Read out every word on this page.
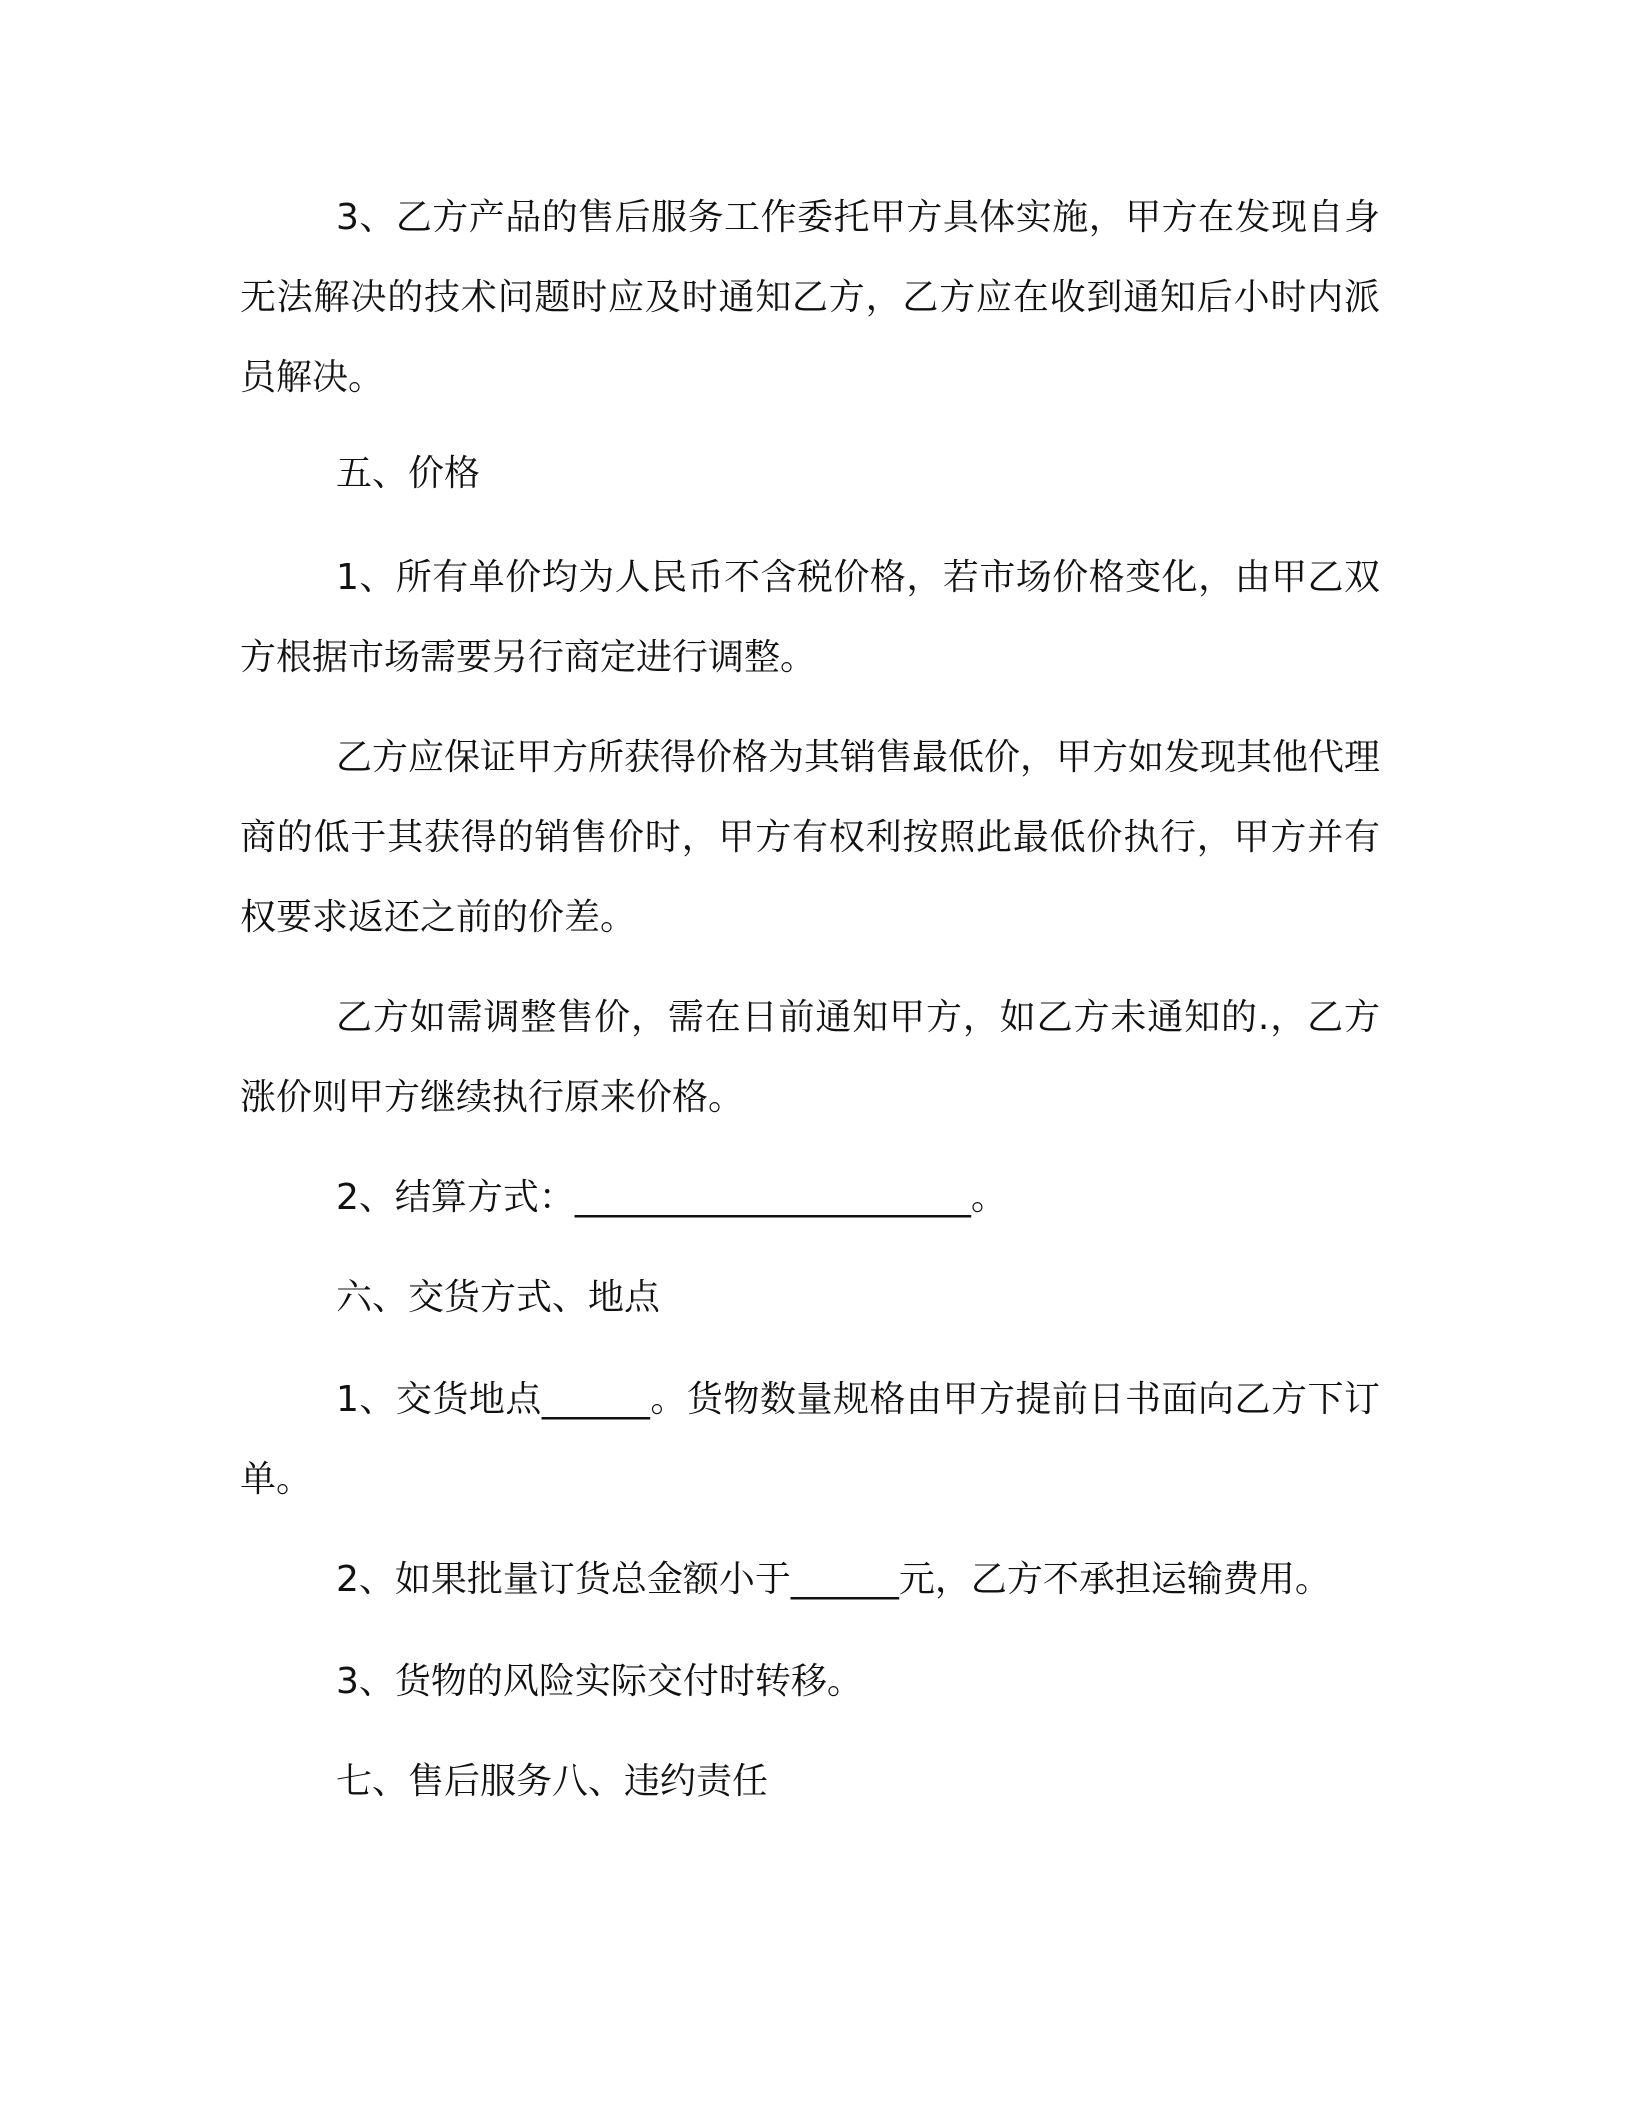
3、乙方产品的售后服务工作委托甲方具体实施，甲方在发现自身无法解决的技术问题时应及时通知乙方，乙方应在收到通知后小时内派员解决。

五、价格

1、所有单价均为人民币不含税价格，若市场价格变化，由甲乙双方根据市场需要另行商定进行调整。

乙方应保证甲方所获得价格为其销售最低价，甲方如发现其他代理商的低于其获得的销售价时，甲方有权利按照此最低价执行，甲方并有权要求返还之前的价差。

乙方如需调整售价，需在日前通知甲方，如乙方未通知的.，乙方涨价则甲方继续执行原来价格。

2、结算方式：______________________。

六、交货方式、地点

1、交货地点______。货物数量规格由甲方提前日书面向乙方下订单。

2、如果批量订货总金额小于______元，乙方不承担运输费用。

3、货物的风险实际交付时转移。

七、售后服务八、违约责任
